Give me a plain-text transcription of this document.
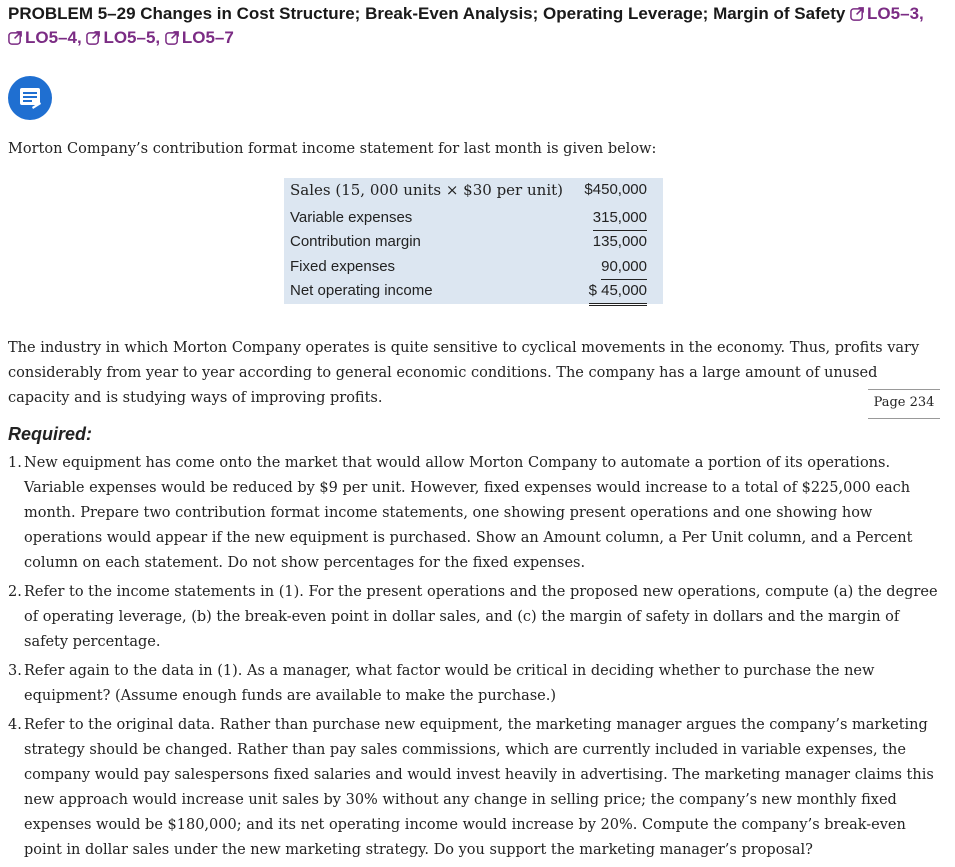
PROBLEM 5–29 Changes in Cost Structure; Break-Even Analysis; Operating Leverage; Margin of Safety LO5–3, LO5–4, LO5–5, LO5–7
Morton Company’s contribution format income statement for last month is given below:
Sales (15, 000 units × $30 per unit) $450,000
Variable expenses	315,000
Contribution margin	135,000
Fixed expenses	90,000
Net operating income	$ 45,000
The industry in which Morton Company operates is quite sensitive to cyclical movements in the economy. Thus, profits vary considerably from year to year according to general economic conditions. The company has a large amount of unused capacity and is studying ways of improving profits.	Page 234
Required:
1. New equipment has come onto the market that would allow Morton Company to automate a portion of its operations. Variable expenses would be reduced by $9 per unit. However, fixed expenses would increase to a total of $225,000 each month. Prepare two contribution format income statements, one showing present operations and one showing how operations would appear if the new equipment is purchased. Show an Amount column, a Per Unit column, and a Percent column on each statement. Do not show percentages for the fixed expenses.
2. Refer to the income statements in (1). For the present operations and the proposed new operations, compute (a) the degree of operating leverage, (b) the break-even point in dollar sales, and (c) the margin of safety in dollars and the margin of safety percentage.
3. Refer again to the data in (1). As a manager, what factor would be critical in deciding whether to purchase the new equipment? (Assume enough funds are available to make the purchase.)
4. Refer to the original data. Rather than purchase new equipment, the marketing manager argues the company’s marketing strategy should be changed. Rather than pay sales commissions, which are currently included in variable expenses, the company would pay salespersons fixed salaries and would invest heavily in advertising. The marketing manager claims this new approach would increase unit sales by 30% without any change in selling price; the company’s new monthly fixed expenses would be $180,000; and its net operating income would increase by 20%. Compute the company’s break-even point in dollar sales under the new marketing strategy. Do you support the marketing manager’s proposal?
